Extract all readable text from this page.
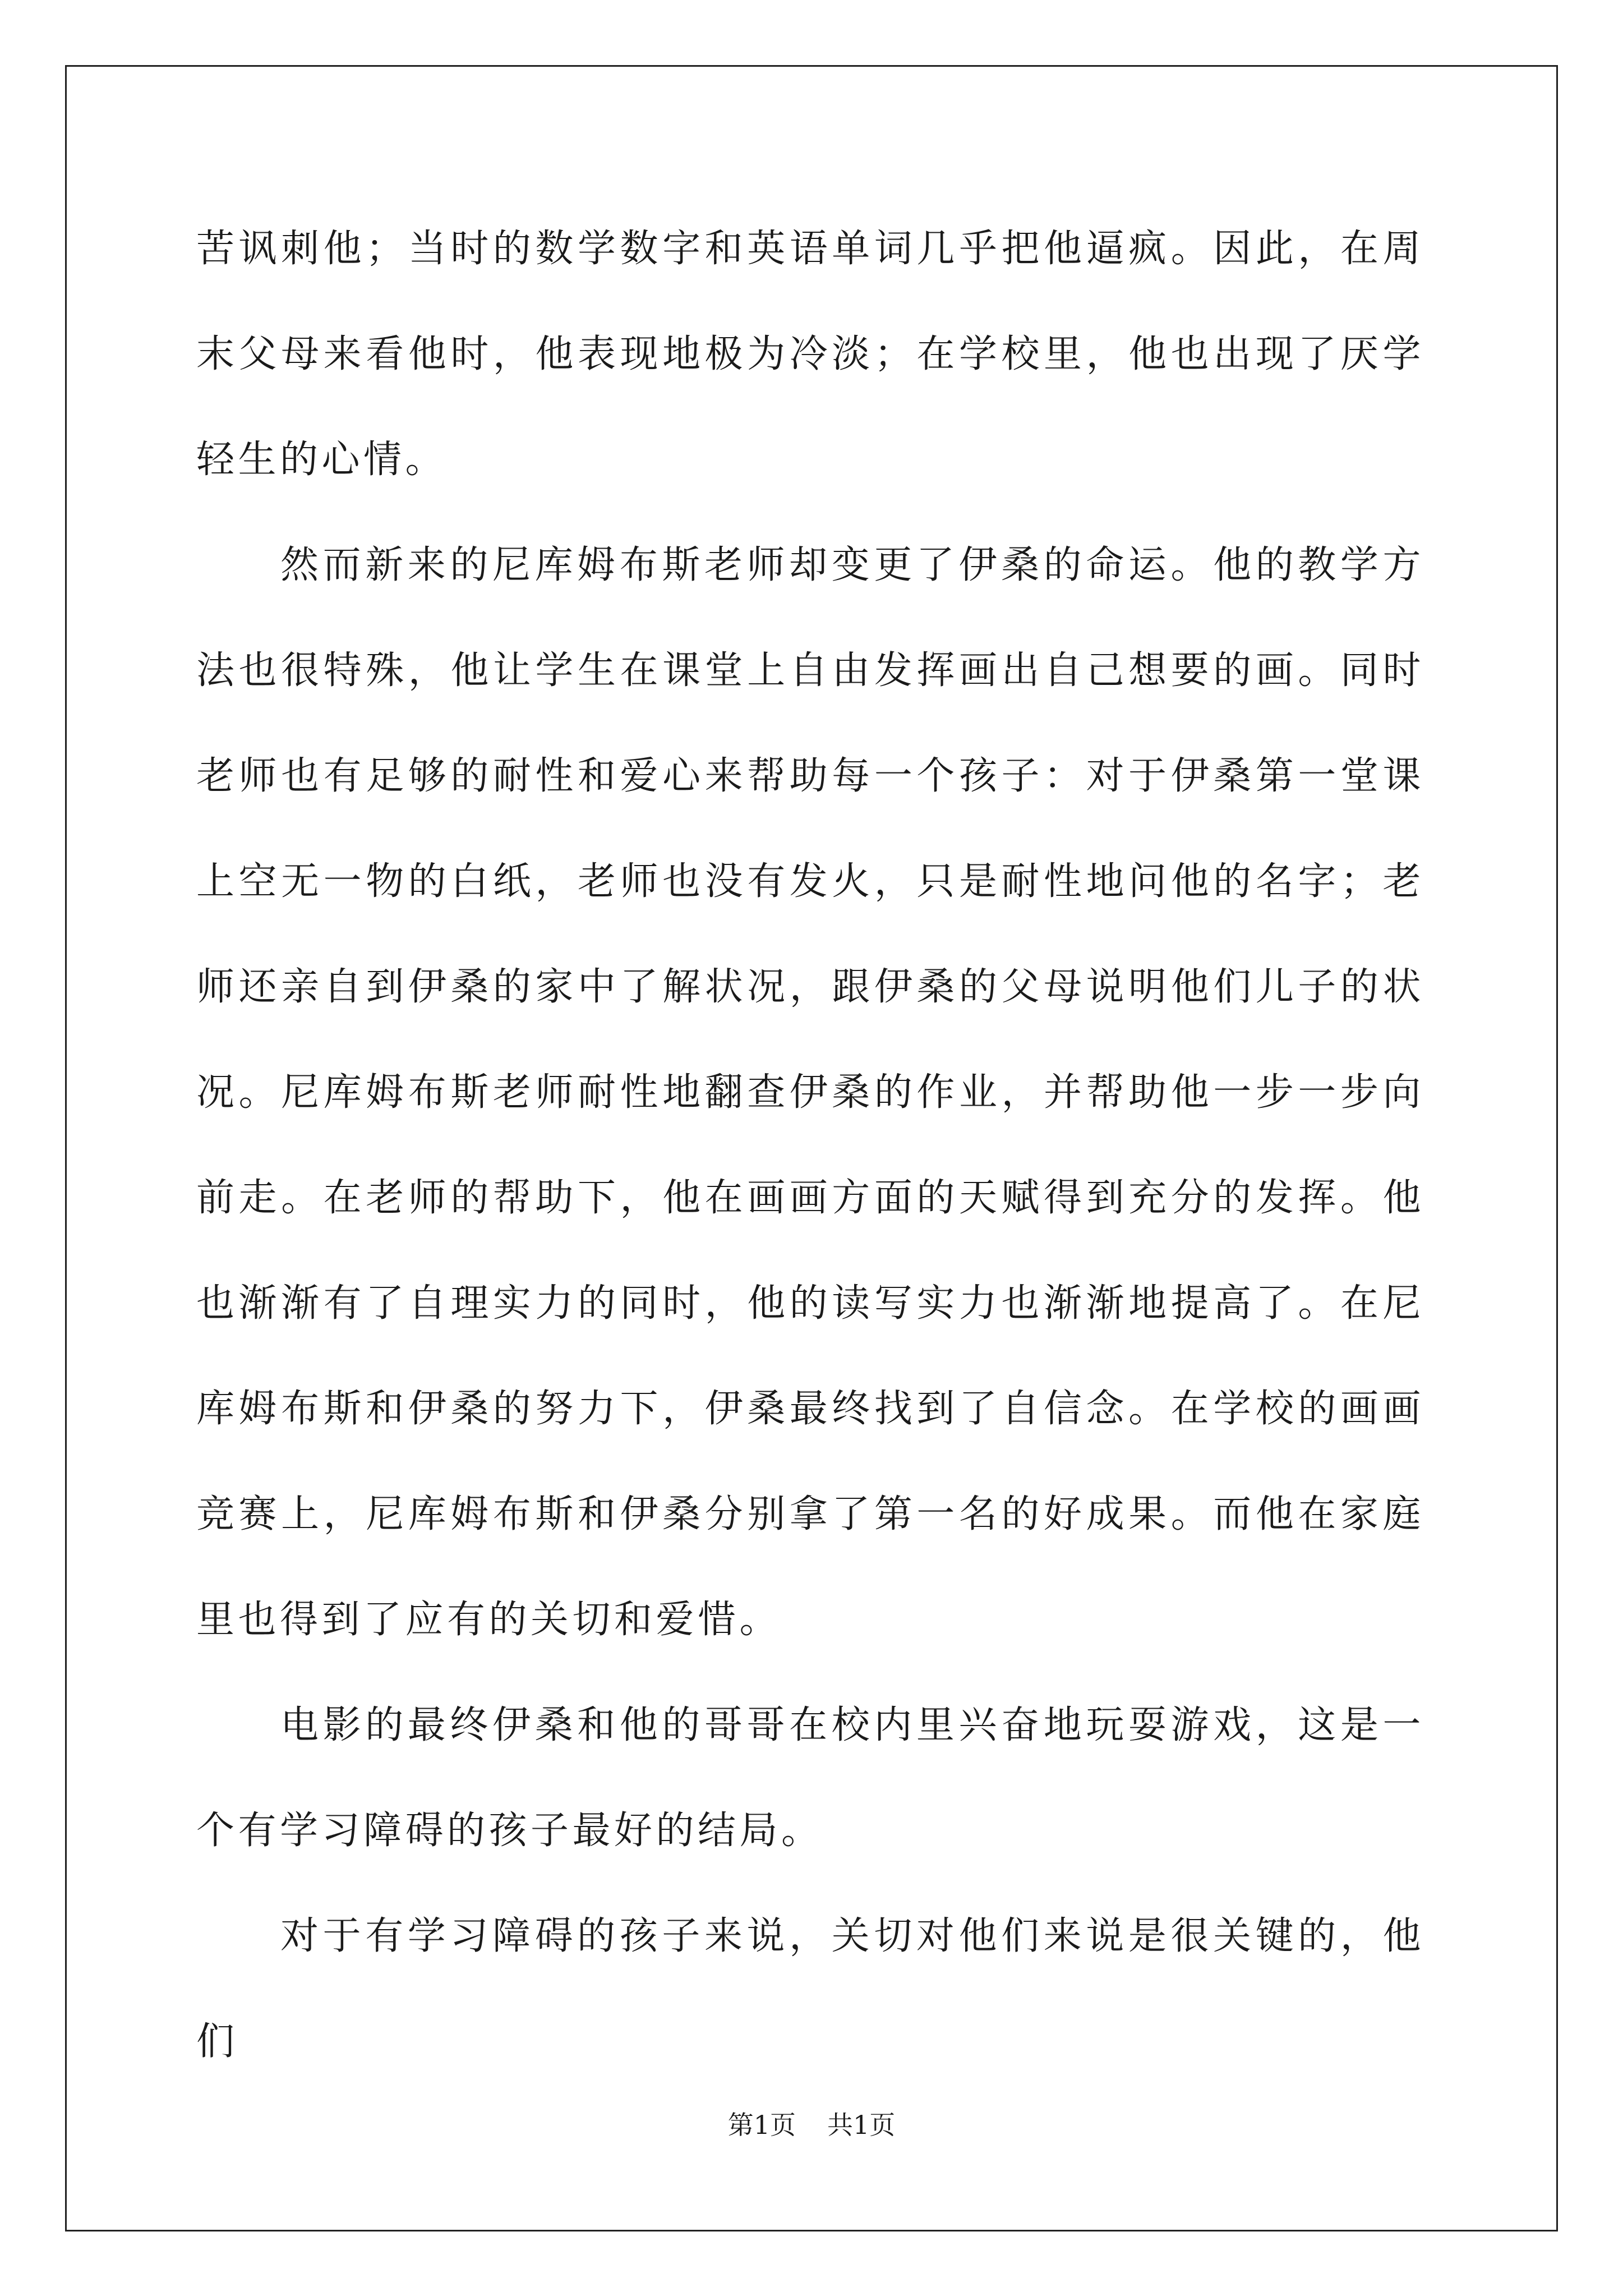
苦讽刺他；当时的数学数字和英语单词几乎把他逼疯。因此，在周末父母来看他时，他表现地极为冷淡；在学校里，他也出现了厌学轻生的心情。

然而新来的尼库姆布斯老师却变更了伊桑的命运。他的教学方法也很特殊，他让学生在课堂上自由发挥画出自己想要的画。同时老师也有足够的耐性和爱心来帮助每一个孩子：对于伊桑第一堂课上空无一物的白纸，老师也没有发火，只是耐性地问他的名字；老师还亲自到伊桑的家中了解状况，跟伊桑的父母说明他们儿子的状况。尼库姆布斯老师耐性地翻查伊桑的作业，并帮助他一步一步向前走。在老师的帮助下，他在画画方面的天赋得到充分的发挥。他也渐渐有了自理实力的同时，他的读写实力也渐渐地提高了。在尼库姆布斯和伊桑的努力下，伊桑最终找到了自信念。在学校的画画竞赛上，尼库姆布斯和伊桑分别拿了第一名的好成果。而他在家庭里也得到了应有的关切和爱惜。

电影的最终伊桑和他的哥哥在校内里兴奋地玩耍游戏，这是一个有学习障碍的孩子最好的结局。

对于有学习障碍的孩子来说，关切对他们来说是很关键的，他们

第1页 共1页
